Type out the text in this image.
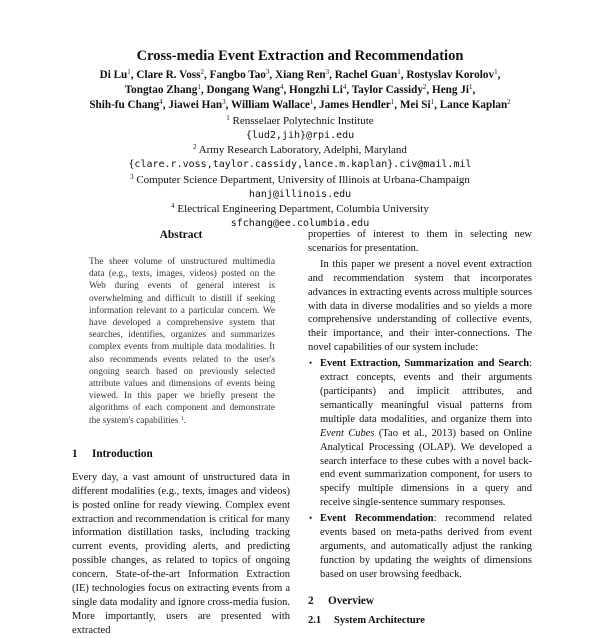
Cross-media Event Extraction and Recommendation
Di Lu$^1$, Clare R. Voss$^2$, Fangbo Tao$^3$, Xiang Ren$^3$, Rachel Guan$^1$, Rostyslav Korolov$^1$,
Tongtao Zhang$^1$, Dongang Wang$^4$, Hongzhi Li$^4$, Taylor Cassidy$^2$, Heng Ji$^1$,
Shih-fu Chang$^4$, Jiawei Han$^3$, William Wallace$^1$, James Hendler$^1$, Mei Si$^1$, Lance Kaplan$^2$
$^1$ Rensselaer Polytechnic Institute
{lud2,jih}@rpi.edu
$^2$ Army Research Laboratory, Adelphi, Maryland
{clare.r.voss,taylor.cassidy,lance.m.kaplan}.civ@mail.mil
$^3$ Computer Science Department, University of Illinois at Urbana-Champaign
hanj@illinois.edu
$^4$ Electrical Engineering Department, Columbia University
sfchang@ee.columbia.edu
Abstract

The sheer volume of unstructured multimedia data (e.g., texts, images, videos) posted on the Web during events of general interest is overwhelming and difficult to distill if seeking information relevant to a particular concern. We have developed a comprehensive system that searches, identifies, organizes and summarizes complex events from multiple data modalities. It also recommends events related to the user's ongoing search based on previously selected attribute values and dimensions of events being viewed. In this paper we briefly present the algorithms of each component and demonstrate the system's capabilities $^1$.

1 Introduction

Every day, a vast amount of unstructured data in different modalities (e.g., texts, images and videos) is posted online for ready viewing. Complex event extraction and recommendation is critical for many information distillation tasks, including tracking current events, providing alerts, and predicting possible changes, as related to topics of ongoing concern. State-of-the-art Information Extraction (IE) technologies focus on extracting events from a single data modality and ignore cross-media fusion. More importantly, users are presented with extracted

properties of interest to them in selecting new scenarios for presentation.

In this paper we present a novel event extraction and recommendation system that incorporates advances in extracting events across multiple sources with data in diverse modalities and so yields a more comprehensive understanding of collective events, their importance, and their inter-connections. The novel capabilities of our system include:

• Event Extraction, Summarization and Search: extract concepts, events and their arguments (participants) and implicit attributes, and semantically meaningful visual patterns from multiple data modalities, and organize them into Event Cubes (Tao et al., 2013) based on Online Analytical Processing (OLAP). We developed a search interface to these cubes with a novel back-end event summarization component, for users to specify multiple dimensions in a query and receive single-sentence summary responses.
• Event Recommendation: recommend related events based on meta-paths derived from event arguments, and automatically adjust the ranking function by updating the weights of dimensions based on user browsing feedback.
2 Overview
2.1 System Architecture
